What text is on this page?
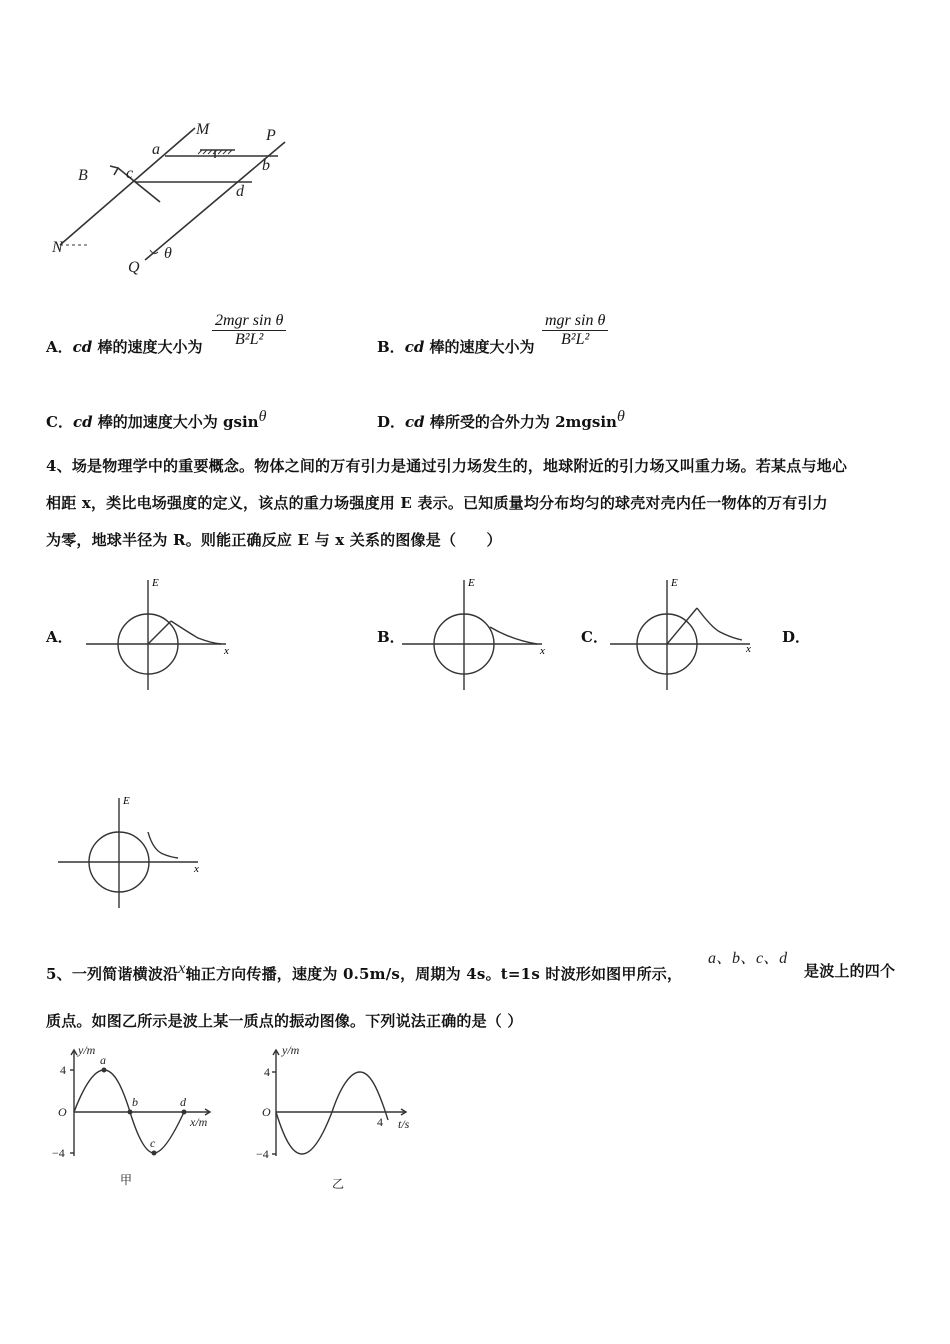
M	P
a
b
c
d
B
N
Q
θ
A．cd 棒的速度大小为
2mgr sin θ
B²L²	B．cd 棒的速度大小为
mgr sin θ
B²L²
C．cd 棒的加速度大小为 gsin$^\theta$	D．cd 棒所受的合外力为 2mgsin$^\theta$
4、场是物理学中的重要概念。物体之间的万有引力是通过引力场发生的，地球附近的引力场又叫重力场。若某点与地心
相距 x，类比电场强度的定义，该点的重力场强度用 E 表示。已知质量均分布均匀的球壳对壳内任一物体的万有引力
为零，地球半径为 R。则能正确反应 E 与 x 关系的图像是（　　）
A．	B．	C．	D．
E
x
E
x
E
x
E
x
5、一列简谐横波沿$^x$轴正方向传播，速度为 0.5m/s，周期为 4s。t=1s 时波形如图甲所示，
a、b、c、d
是波上的四个
质点。如图乙所示是波上某一质点的振动图像。下列说法正确的是（ ）
y/m
x/m
4
−4
O
a
b
c
d
甲
y/m
t/s
4
−4
O
4
乙
